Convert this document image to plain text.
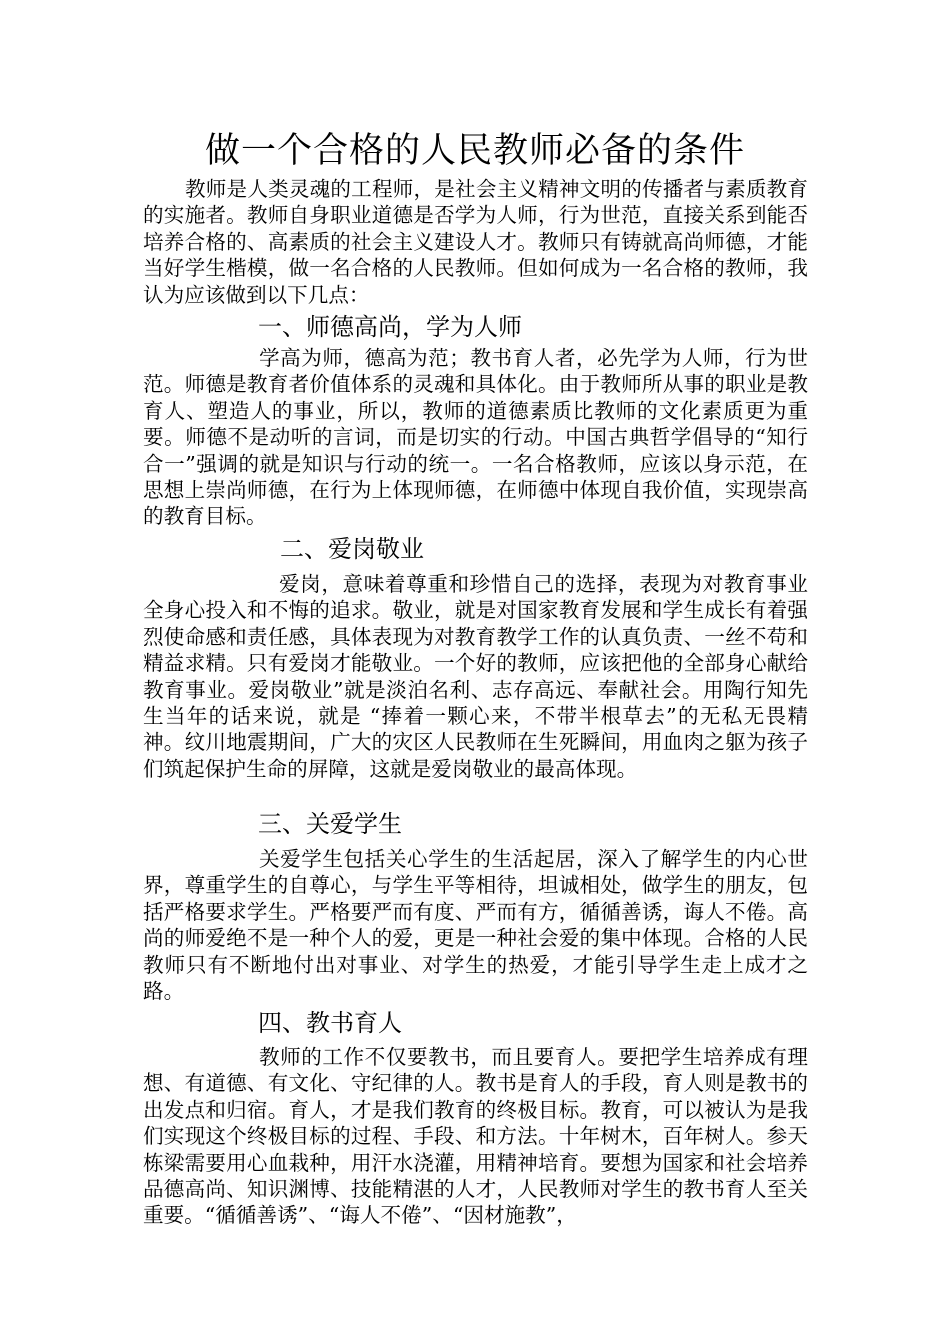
做一个合格的人民教师必备的条件

教师是人类灵魂的工程师，是社会主义精神文明的传播者与素质教育的实施者。教师自身职业道德是否学为人师，行为世范，直接关系到能否培养合格的、高素质的社会主义建设人才。教师只有铸就高尚师德，才能当好学生楷模，做一名合格的人民教师。但如何成为一名合格的教师，我认为应该做到以下几点：

一、师德高尚，学为人师

学高为师，德高为范；教书育人者，必先学为人师，行为世范。师德是教育者价值体系的灵魂和具体化。由于教师所从事的职业是教育人、塑造人的事业，所以，教师的道德素质比教师的文化素质更为重要。师德不是动听的言词，而是切实的行动。中国古典哲学倡导的“知行合一”强调的就是知识与行动的统一。一名合格教师，应该以身示范，在思想上崇尚师德，在行为上体现师德，在师德中体现自我价值，实现崇高的教育目标。

二、爱岗敬业

爱岗，意味着尊重和珍惜自己的选择，表现为对教育事业全身心投入和不悔的追求。敬业，就是对国家教育发展和学生成长有着强烈使命感和责任感，具体表现为对教育教学工作的认真负责、一丝不苟和精益求精。只有爱岗才能敬业。一个好的教师，应该把他的全部身心献给教育事业。爱岗敬业”就是淡泊名利、志存高远、奉献社会。用陶行知先生当年的话来说，就是 “捧着一颗心来，不带半根草去”的无私无畏精神。纹川地震期间，广大的灾区人民教师在生死瞬间，用血肉之躯为孩子们筑起保护生命的屏障，这就是爱岗敬业的最高体现。

三、关爱学生

关爱学生包括关心学生的生活起居，深入了解学生的内心世界，尊重学生的自尊心，与学生平等相待，坦诚相处，做学生的朋友，包括严格要求学生。严格要严而有度、严而有方，循循善诱，诲人不倦。高尚的师爱绝不是一种个人的爱，更是一种社会爱的集中体现。合格的人民教师只有不断地付出对事业、对学生的热爱，才能引导学生走上成才之路。

四、教书育人

教师的工作不仅要教书，而且要育人。要把学生培养成有理想、有道德、有文化、守纪律的人。教书是育人的手段，育人则是教书的出发点和归宿。育人，才是我们教育的终极目标。教育，可以被认为是我们实现这个终极目标的过程、手段、和方法。十年树木，百年树人。参天栋梁需要用心血栽种，用汗水浇灌，用精神培育。要想为国家和社会培养品德高尚、知识渊博、技能精湛的人才，人民教师对学生的教书育人至关重要。“循循善诱”、“诲人不倦”、“因材施教”，
